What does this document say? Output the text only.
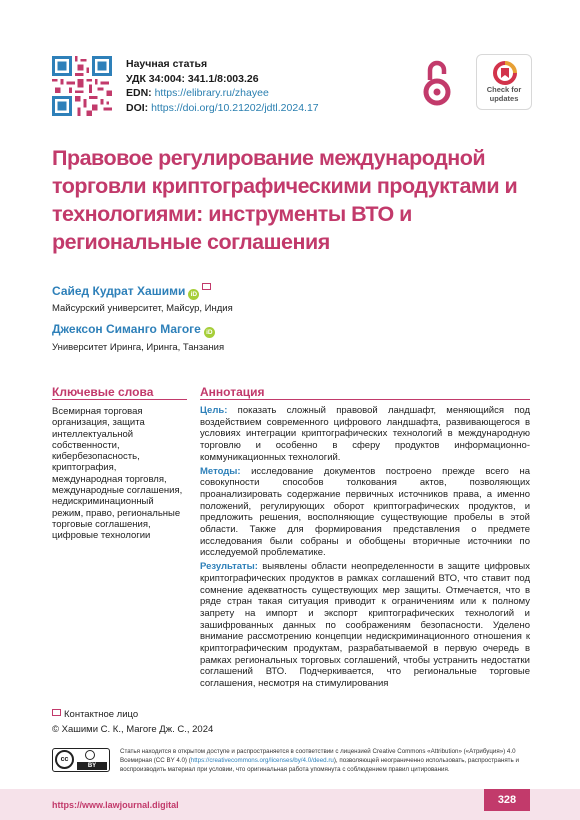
Научная статья
УДК 34:004: 341.1/8:003.26
EDN: https://elibrary.ru/zhayee
DOI: https://doi.org/10.21202/jdtl.2024.17
Check for updates
Правовое регулирование международной торговли криптографическими продуктами и технологиями: инструменты ВТО и региональные соглашения
Сайед Кудрат Хашими iD
Майсурский университет, Майсур, Индия
Джексон Симанго Магоге iD
Университет Иринга, Иринга, Танзания
Ключевые слова
Всемирная торговая организация, защита интеллектуальной собственности, кибербезопасность, криптография, международная торговля, международные соглашения, недискриминационный режим, право, региональные торговые соглашения, цифровые технологии
Аннотация

Цель: показать сложный правовой ландшафт, меняющийся под воздействием современного цифрового ландшафта, развивающегося в условиях интеграции криптографических технологий в международную торговлю и особенно в сферу продуктов информационно-коммуникационных технологий.

Методы: исследование документов построено прежде всего на совокупности способов толкования актов, позволяющих проанализировать содержание первичных источников права, а именно положений, регулирующих оборот криптографических продуктов, и предложить решения, восполняющие существующие пробелы в этой области. Также для формирования представления о предмете исследования были собраны и обобщены вторичные источники по исследуемой проблематике.

Результаты: выявлены области неопределенности в защите цифровых криптографических продуктов в рамках соглашений ВТО, что ставит под сомнение адекватность существующих мер защиты. Отмечается, что в ряде стран такая ситуация приводит к ограничениям или к полному запрету на импорт и экспорт криптографических технологий и зашифрованных данных по соображениям безопасности. Уделено внимание рассмотрению концепции недискриминационного отношения к криптографическим продуктам, разрабатываемой в первую очередь в рамках региональных торговых соглашений, чтобы устранить недостатки соглашений ВТО. Подчеркивается, что региональные торговые соглашения, несмотря на стимулирования

Контактное лицо
© Хашими С. К., Магоге Дж. С., 2024
cc
BY
Статья находится в открытом доступе и распространяется в соответствии с лицензией Creative Commons «Attribution» («Атрибуция») 4.0 Всемирная (CC BY 4.0) (https://creativecommons.org/licenses/by/4.0/deed.ru), позволяющей неограниченно использовать, распространять и воспроизводить материал при условии, что оригинальная работа упомянута с соблюдением правил цитирования.
https://www.lawjournal.digital	328
